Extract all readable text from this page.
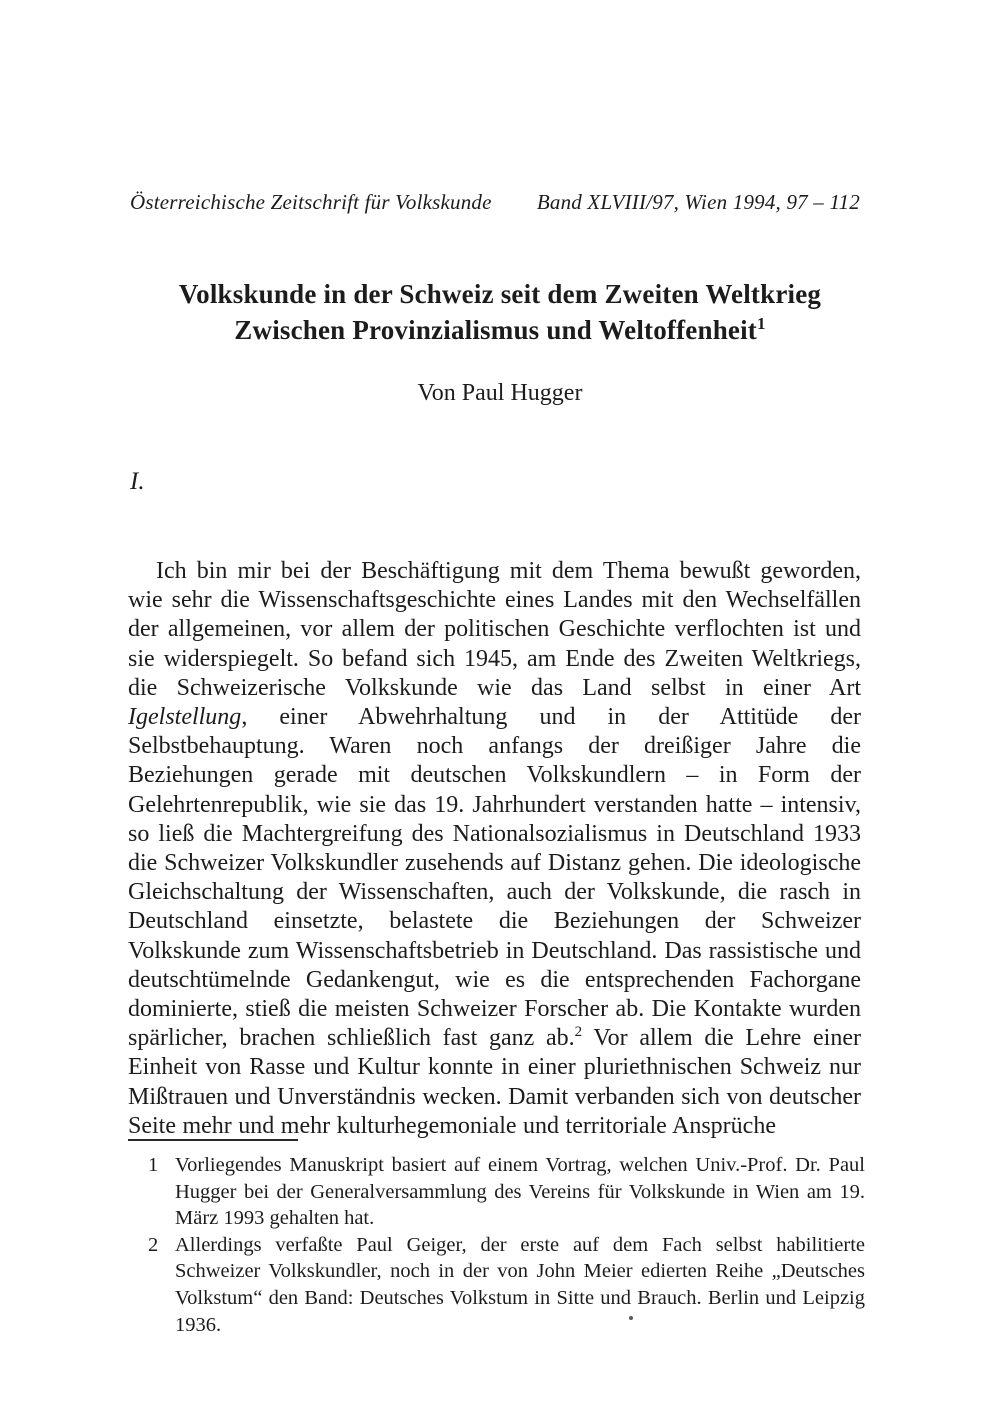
Österreichische Zeitschrift für Volkskunde Band XLVIII/97, Wien 1994, 97 – 112
Volkskunde in der Schweiz seit dem Zweiten Weltkrieg
Zwischen Provinzialismus und Weltoffenheit$^1$
Von Paul Hugger
I.

Ich bin mir bei der Beschäftigung mit dem Thema bewußt geworden, wie sehr die Wissenschaftsgeschichte eines Landes mit den Wechselfällen der allgemeinen, vor allem der politischen Geschichte verflochten ist und sie widerspiegelt. So befand sich 1945, am Ende des Zweiten Weltkriegs, die Schweizerische Volkskunde wie das Land selbst in einer Art Igelstellung, einer Abwehrhaltung und in der Attitüde der Selbstbehauptung. Waren noch anfangs der dreißiger Jahre die Beziehungen gerade mit deutschen Volkskundlern – in Form der Gelehrtenrepublik, wie sie das 19. Jahrhundert verstanden hatte – intensiv, so ließ die Machtergreifung des Nationalsozialismus in Deutschland 1933 die Schweizer Volkskundler zusehends auf Distanz gehen. Die ideologische Gleichschaltung der Wissenschaften, auch der Volkskunde, die rasch in Deutschland einsetzte, belastete die Beziehungen der Schweizer Volkskunde zum Wissenschaftsbetrieb in Deutschland. Das rassistische und deutschtümelnde Gedankengut, wie es die entsprechenden Fachorgane dominierte, stieß die meisten Schweizer Forscher ab. Die Kontakte wurden spärlicher, brachen schließlich fast ganz ab.$^2$ Vor allem die Lehre einer Einheit von Rasse und Kultur konnte in einer pluriethnischen Schweiz nur Mißtrauen und Unverständnis wecken. Damit verbanden sich von deutscher Seite mehr und mehr kulturhegemoniale und territoriale Ansprüche

1 Vorliegendes Manuskript basiert auf einem Vortrag, welchen Univ.-Prof. Dr. Paul Hugger bei der Generalversammlung des Vereins für Volkskunde in Wien am 19. März 1993 gehalten hat.
2 Allerdings verfaßte Paul Geiger, der erste auf dem Fach selbst habilitierte Schweizer Volkskundler, noch in der von John Meier edierten Reihe „Deutsches Volkstum“ den Band: Deutsches Volkstum in Sitte und Brauch. Berlin und Leipzig 1936.
